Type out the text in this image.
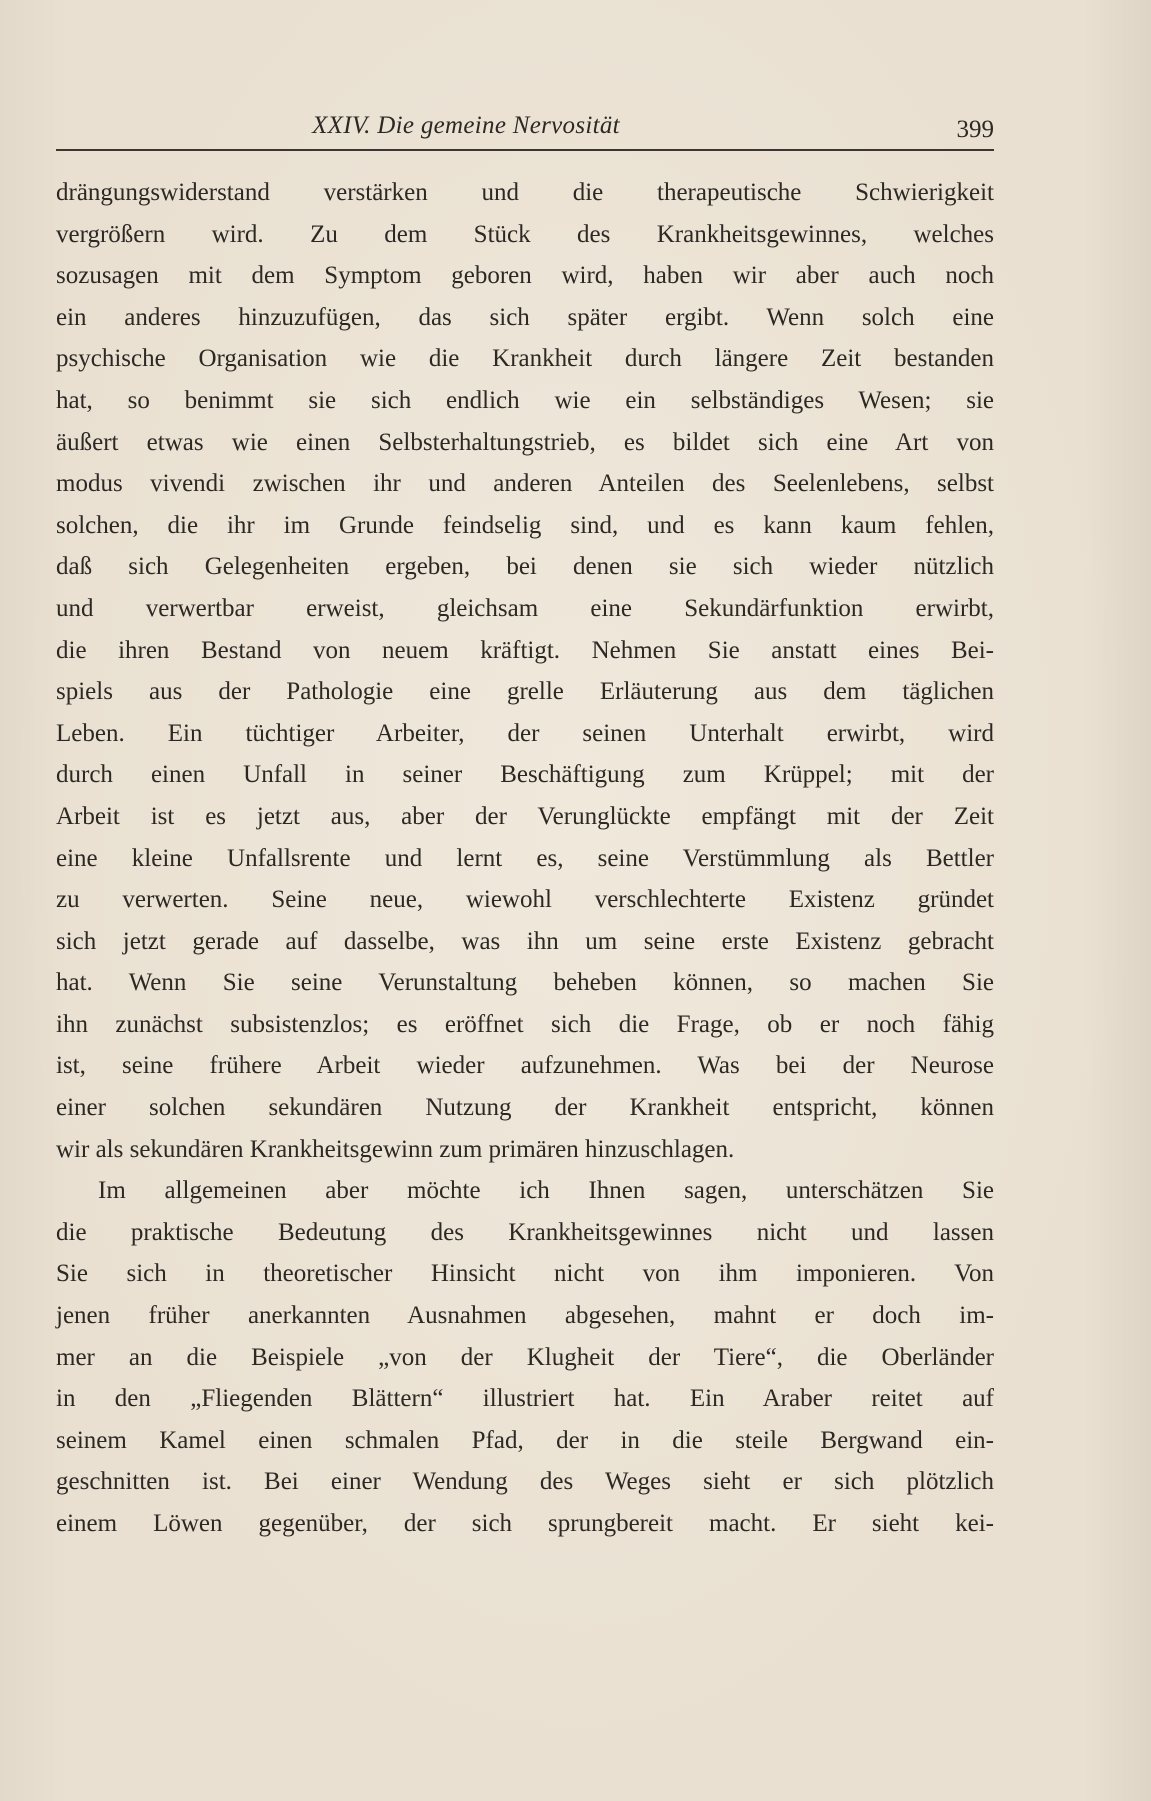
XXIV. Die gemeine Nervosität	399
drängungswiderstand verstärken und die therapeutische Schwierigkeit
vergrößern wird. Zu dem Stück des Krankheitsgewinnes, welches
sozusagen mit dem Symptom geboren wird, haben wir aber auch noch
ein anderes hinzuzufügen, das sich später ergibt. Wenn solch eine
psychische Organisation wie die Krankheit durch längere Zeit bestanden
hat, so benimmt sie sich endlich wie ein selbständiges Wesen; sie
äußert etwas wie einen Selbsterhaltungstrieb, es bildet sich eine Art von
modus vivendi zwischen ihr und anderen Anteilen des Seelenlebens, selbst
solchen, die ihr im Grunde feindselig sind, und es kann kaum fehlen,
daß sich Gelegenheiten ergeben, bei denen sie sich wieder nützlich
und verwertbar erweist, gleichsam eine Sekundärfunktion erwirbt,
die ihren Bestand von neuem kräftigt. Nehmen Sie anstatt eines Bei-
spiels aus der Pathologie eine grelle Erläuterung aus dem täglichen
Leben. Ein tüchtiger Arbeiter, der seinen Unterhalt erwirbt, wird
durch einen Unfall in seiner Beschäftigung zum Krüppel; mit der
Arbeit ist es jetzt aus, aber der Verunglückte empfängt mit der Zeit
eine kleine Unfallsrente und lernt es, seine Verstümmlung als Bettler
zu verwerten. Seine neue, wiewohl verschlechterte Existenz gründet
sich jetzt gerade auf dasselbe, was ihn um seine erste Existenz gebracht
hat. Wenn Sie seine Verunstaltung beheben können, so machen Sie
ihn zunächst subsistenzlos; es eröffnet sich die Frage, ob er noch fähig
ist, seine frühere Arbeit wieder aufzunehmen. Was bei der Neurose
einer solchen sekundären Nutzung der Krankheit entspricht, können
wir als sekundären Krankheitsgewinn zum primären hinzuschlagen.
Im allgemeinen aber möchte ich Ihnen sagen, unterschätzen Sie
die praktische Bedeutung des Krankheitsgewinnes nicht und lassen
Sie sich in theoretischer Hinsicht nicht von ihm imponieren. Von
jenen früher anerkannten Ausnahmen abgesehen, mahnt er doch im-
mer an die Beispiele „von der Klugheit der Tiere“, die Oberländer
in den „Fliegenden Blättern“ illustriert hat. Ein Araber reitet auf
seinem Kamel einen schmalen Pfad, der in die steile Bergwand ein-
geschnitten ist. Bei einer Wendung des Weges sieht er sich plötzlich
einem Löwen gegenüber, der sich sprungbereit macht. Er sieht kei-
